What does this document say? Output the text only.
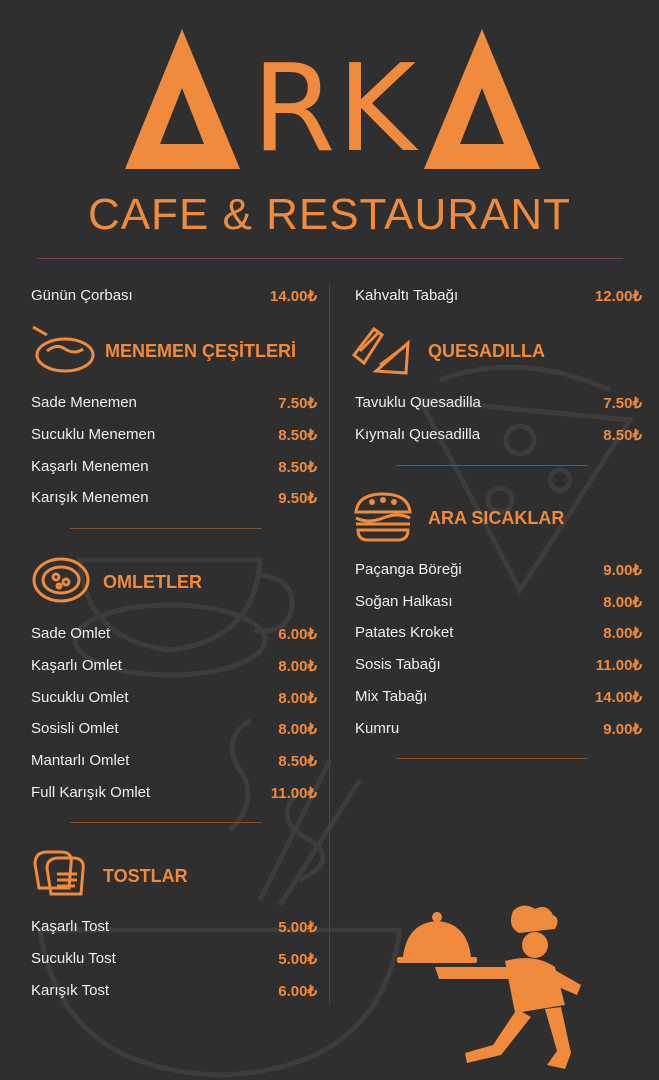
RK
CAFE & RESTAURANT
Günün Çorbası	14.00₺
MENEMEN ÇEŞİTLERİ
Sade Menemen	7.50₺
Sucuklu Menemen	8.50₺
Kaşarlı Menemen	8.50₺
Karışık Menemen	9.50₺
OMLETLER
Sade Omlet	6.00₺
Kaşarlı Omlet	8.00₺
Sucuklu Omlet	8.00₺
Sosisli Omlet	8.00₺
Mantarlı Omlet	8.50₺
Full Karışık Omlet	11.00₺
TOSTLAR
Kaşarlı Tost	5.00₺
Sucuklu Tost	5.00₺
Karışık Tost	6.00₺
Kahvaltı Tabağı	12.00₺
QUESADILLA
Tavuklu Quesadilla	7.50₺
Kıymalı Quesadilla	8.50₺
ARA SICAKLAR
Paçanga Böreği	9.00₺
Soğan Halkası	8.00₺
Patates Kroket	8.00₺
Sosis Tabağı	11.00₺
Mix Tabağı	14.00₺
Kumru	9.00₺
